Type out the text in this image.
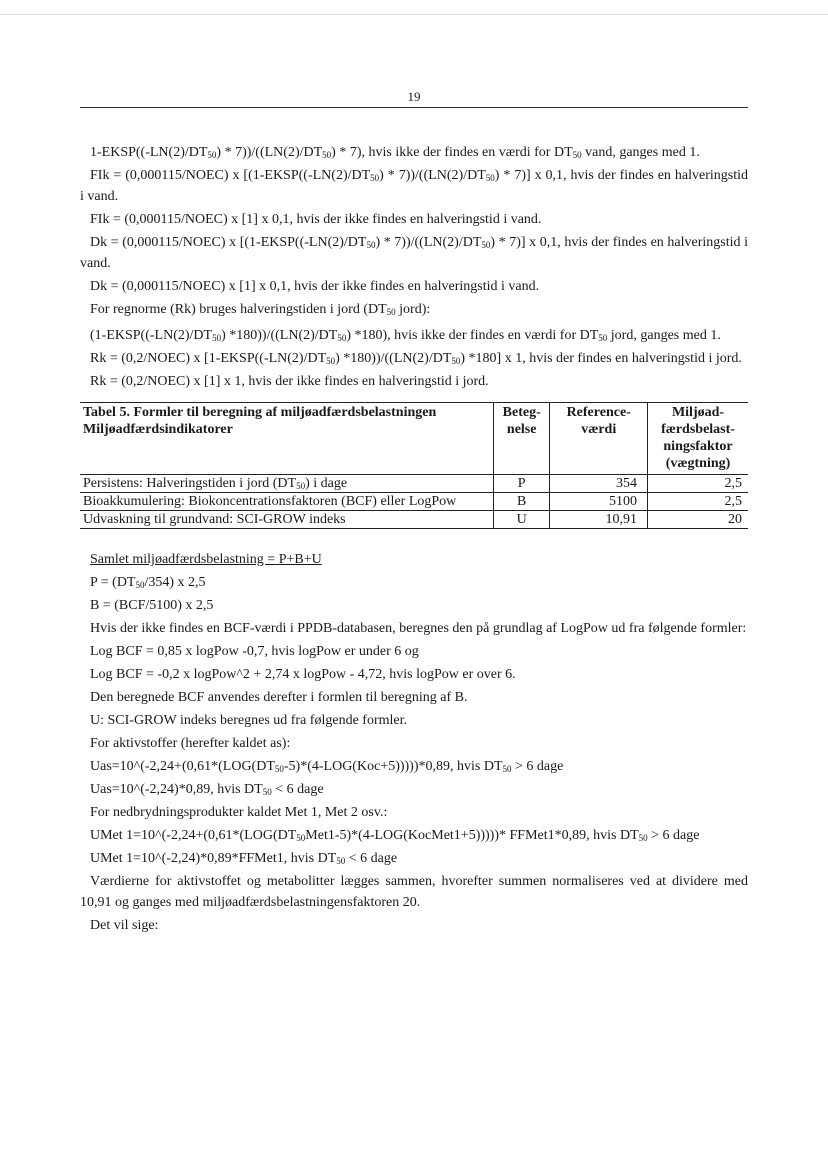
19

$1-EKSP((-LN(2)/DT_{50}) * 7))/((LN(2)/DT_{50}) * 7)$, hvis ikke der findes en værdi for $DT_{50}$ vand, ganges med 1.

FIk = (0,000115/NOEC) x $[(1-EKSP((-LN(2)/DT_{50}) * 7))/((LN(2)/DT_{50}) * 7)]$ x 0,1, hvis der findes en halveringstid i vand.

FIk = (0,000115/NOEC) x [1] x 0,1, hvis der ikke findes en halveringstid i vand.

Dk = (0,000115/NOEC) x $[(1-EKSP((-LN(2)/DT_{50}) * 7))/((LN(2)/DT_{50}) * 7)]$ x 0,1, hvis der findes en halveringstid i vand.

Dk = (0,000115/NOEC) x [1] x 0,1, hvis der ikke findes en halveringstid i vand.

For regnorme (Rk) bruges halveringstiden i jord ($DT_{50}$ jord):

($1-EKSP((-LN(2)/DT_{50})$ $*180))/((LN(2)/DT_{50})$ *180), hvis ikke der findes en værdi for $DT_{50}$ jord, ganges med 1.

Rk = (0,2/NOEC) x [$1-EKSP((-LN(2)/DT_{50})$ $*180))/((LN(2)/DT_{50})$ *180] x 1, hvis der findes en halveringstid i jord.

Rk = (0,2/NOEC) x [1] x 1, hvis der ikke findes en halveringstid i jord.

Tabel 5. Formler til beregning af miljøadfærdsbelastningen
Miljøadfærdsindikatorer	Beteg-nelse	Reference-værdi	Miljøad-færdsbelast-ningsfaktor (vægtning)
Persistens: Halveringstiden i jord $(DT_{50})$ i dage	P	354	2,5
Bioakkumulering: Biokoncentrationsfaktoren (BCF) eller LogPow	B	5100	2,5
Udvaskning til grundvand: SCI-GROW indeks	U	10,91	20

Samlet miljøadfærdsbelastning = P+B+U

$P = (DT_{50}/354)$ x 2,5

B = (BCF/5100) x 2,5

Hvis der ikke findes en BCF-værdi i PPDB-databasen, beregnes den på grundlag af LogPow ud fra følgende formler:

Log BCF = 0,85 x logPow -0,7, hvis logPow er under 6 og

Log BCF = -0,2 x logPow^2 + 2,74 x logPow - 4,72, hvis logPow er over 6.

Den beregnede BCF anvendes derefter i formlen til beregning af B.

U: SCI-GROW indeks beregnes ud fra følgende formler.

For aktivstoffer (herefter kaldet as):

$Uas=10\^{}(-2,24+(0,61*(LOG(DT_{50}-5)*(4-LOG(Koc+5)))))*0,89$, hvis $DT_{50} > 6$ dage

Uas=10^(-2,24)*0,89, hvis $DT_{50} < 6$ dage

For nedbrydningsprodukter kaldet Met 1, Met 2 osv.:

UMet $1=10\^{}(-2,24+(0,61*(LOG(DT_{50}Met1-5)*(4-LOG(KocMet1+5)))))*$ FFMet1*0,89, hvis $DT_{50} > 6$ dage

UMet 1=10^(-2,24)*0,89*FFMet1, hvis $DT_{50} < 6$ dage

Værdierne for aktivstoffet og metabolitter lægges sammen, hvorefter summen normaliseres ved at dividere med 10,91 og ganges med miljøadfærdsbelastningensfaktoren 20.

Det vil sige:
